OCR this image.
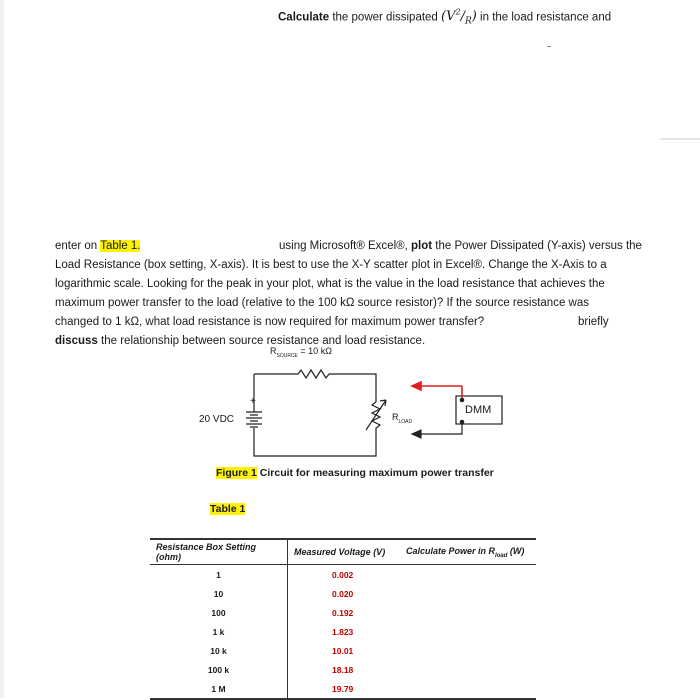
Calculate the power dissipated $(V^2/_R)$ in the load resistance and
enter on Table 1.	using Microsoft® Excel®, plot the Power Dissipated (Y-axis) versus the
Load Resistance (box setting, X-axis). It is best to use the X-Y scatter plot in Excel®. Change the X-Axis to a
logarithmic scale. Looking for the peak in your plot, what is the value in the load resistance that achieves the
maximum power transfer to the load (relative to the 100 kΩ source resistor)? If the source resistance was
changed to 1 kΩ, what load resistance is now required for maximum power transfer?	briefly
discuss the relationship between source resistance and load resistance.
$R_{SOURCE} = 10$ kΩ
+
20 VDC	$R_{LOAD}$
DMM
Figure 1 Circuit for measuring maximum power transfer
Table 1
Resistance Box Setting (ohm)	Measured Voltage (V)	Calculate Power in $R_{load}$ (W)
1	0.002	
10	0.020	
100	0.192	
1 k	1.823	
10 k	10.01	
100 k	18.18	
1 M	19.79	
